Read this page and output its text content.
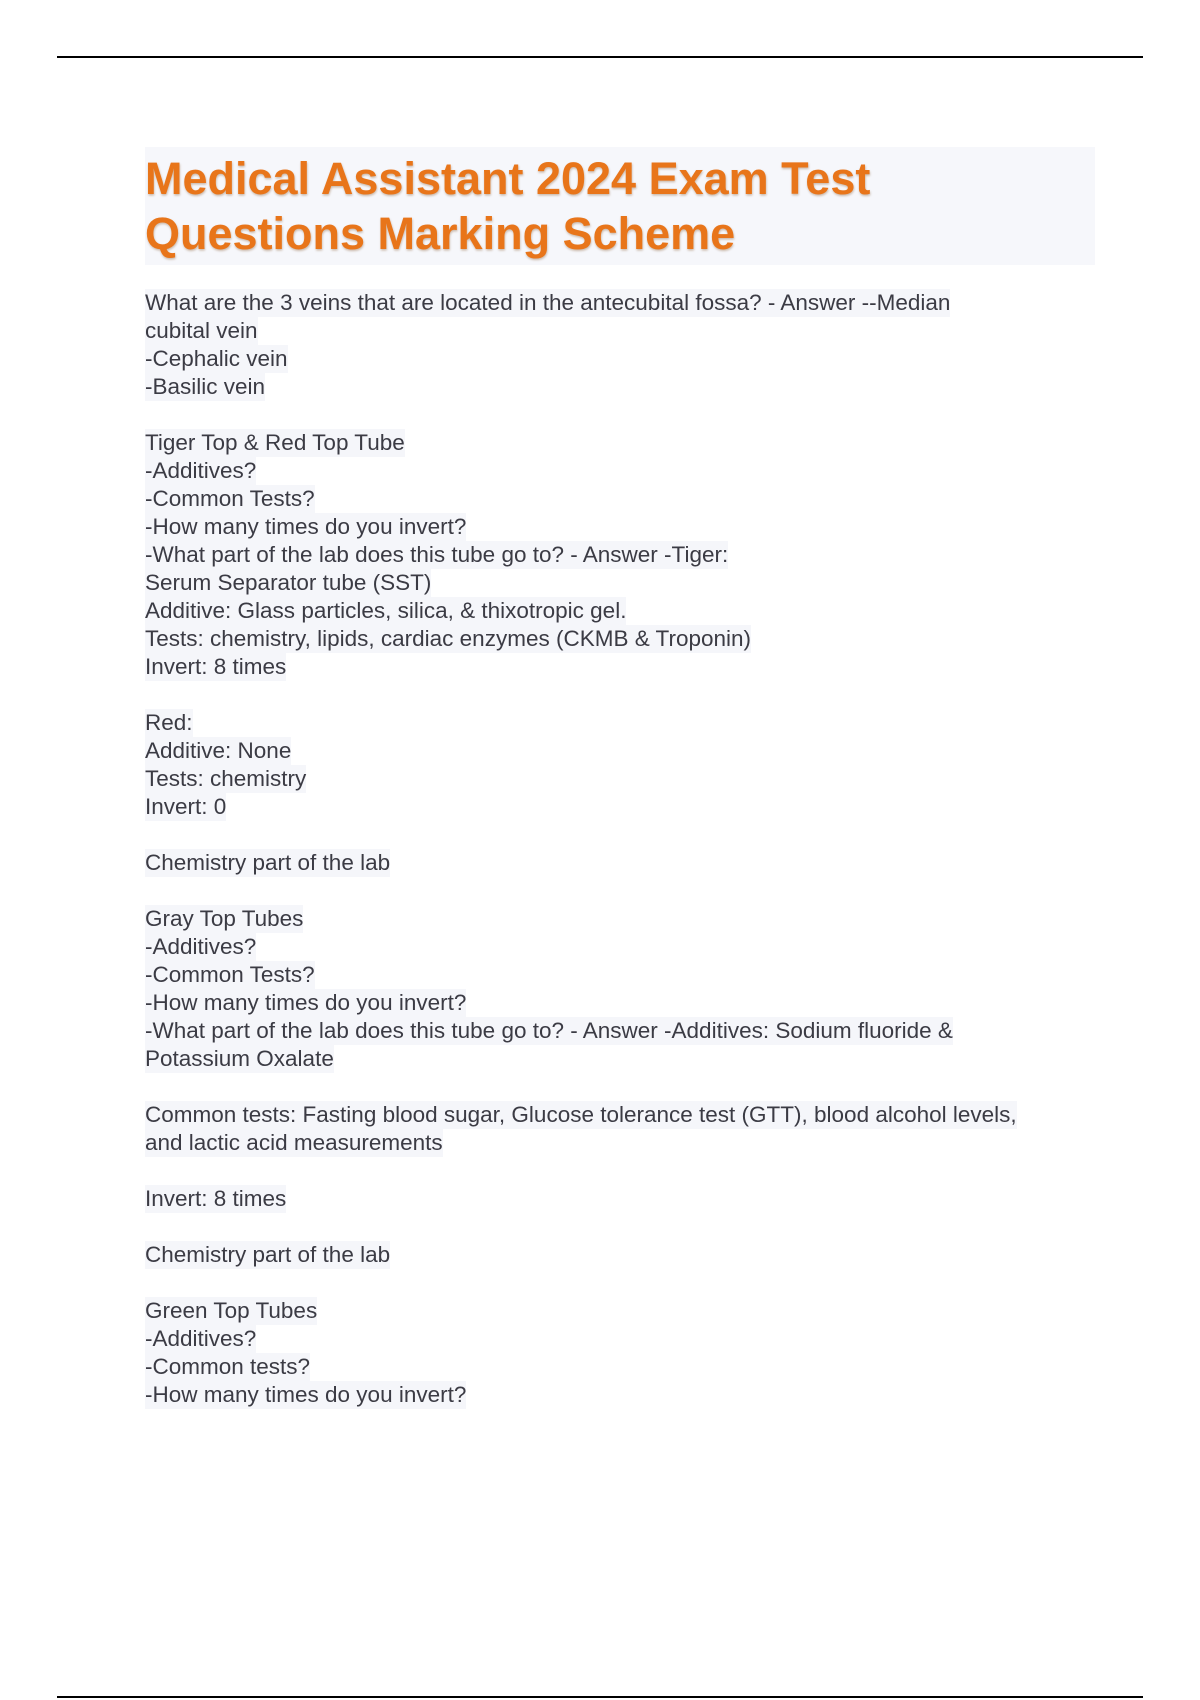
Medical Assistant 2024 Exam Test
Questions Marking Scheme
What are the 3 veins that are located in the antecubital fossa? - Answer --Median
cubital vein
-Cephalic vein
-Basilic vein
Tiger Top & Red Top Tube
-Additives?
-Common Tests?
-How many times do you invert?
-What part of the lab does this tube go to? - Answer -Tiger:
Serum Separator tube (SST)
Additive: Glass particles, silica, & thixotropic gel.
Tests: chemistry, lipids, cardiac enzymes (CKMB & Troponin)
Invert: 8 times
Red:
Additive: None
Tests: chemistry
Invert: 0
Chemistry part of the lab
Gray Top Tubes
-Additives?
-Common Tests?
-How many times do you invert?
-What part of the lab does this tube go to? - Answer -Additives: Sodium fluoride &
Potassium Oxalate
Common tests: Fasting blood sugar, Glucose tolerance test (GTT), blood alcohol levels,
and lactic acid measurements
Invert: 8 times
Chemistry part of the lab
Green Top Tubes
-Additives?
-Common tests?
-How many times do you invert?
